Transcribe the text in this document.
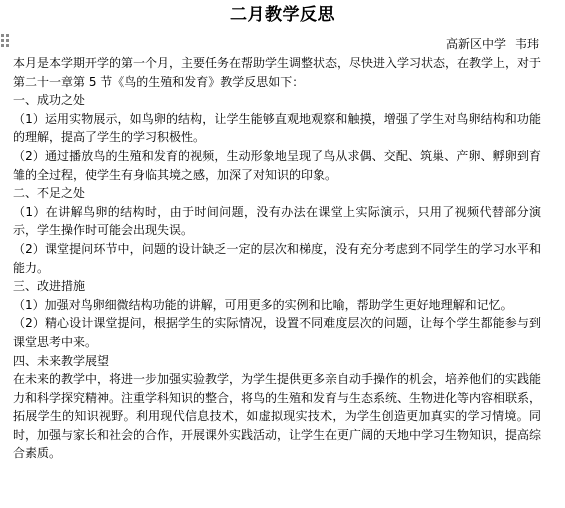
二月教学反思
高新区中学 韦玮

本月是本学期开学的第一个月，主要任务在帮助学生调整状态，尽快进入学习状态，在教学上，对于第二十一章第 5 节《鸟的生殖和发育》教学反思如下：

一、成功之处

（1）运用实物展示，如鸟卵的结构，让学生能够直观地观察和触摸，增强了学生对鸟卵结构和功能的理解，提高了学生的学习积极性。

（2）通过播放鸟的生殖和发育的视频，生动形象地呈现了鸟从求偶、交配、筑巢、产卵、孵卵到育雏的全过程，使学生有身临其境之感，加深了对知识的印象。

二、不足之处

（1）在讲解鸟卵的结构时，由于时间问题，没有办法在课堂上实际演示，只用了视频代替部分演示，学生操作时可能会出现失误。

（2）课堂提问环节中，问题的设计缺乏一定的层次和梯度，没有充分考虑到不同学生的学习水平和能力。

三、改进措施

（1）加强对鸟卵细微结构功能的讲解，可用更多的实例和比喻，帮助学生更好地理解和记忆。

（2）精心设计课堂提问，根据学生的实际情况，设置不同难度层次的问题，让每个学生都能参与到课堂思考中来。

四、未来教学展望

在未来的教学中，将进一步加强实验教学，为学生提供更多亲自动手操作的机会，培养他们的实践能力和科学探究精神。注重学科知识的整合，将鸟的生殖和发育与生态系统、生物进化等内容相联系，拓展学生的知识视野。利用现代信息技术，如虚拟现实技术，为学生创造更加真实的学习情境。同时，加强与家长和社会的合作，开展课外实践活动，让学生在更广阔的天地中学习生物知识，提高综合素质。
